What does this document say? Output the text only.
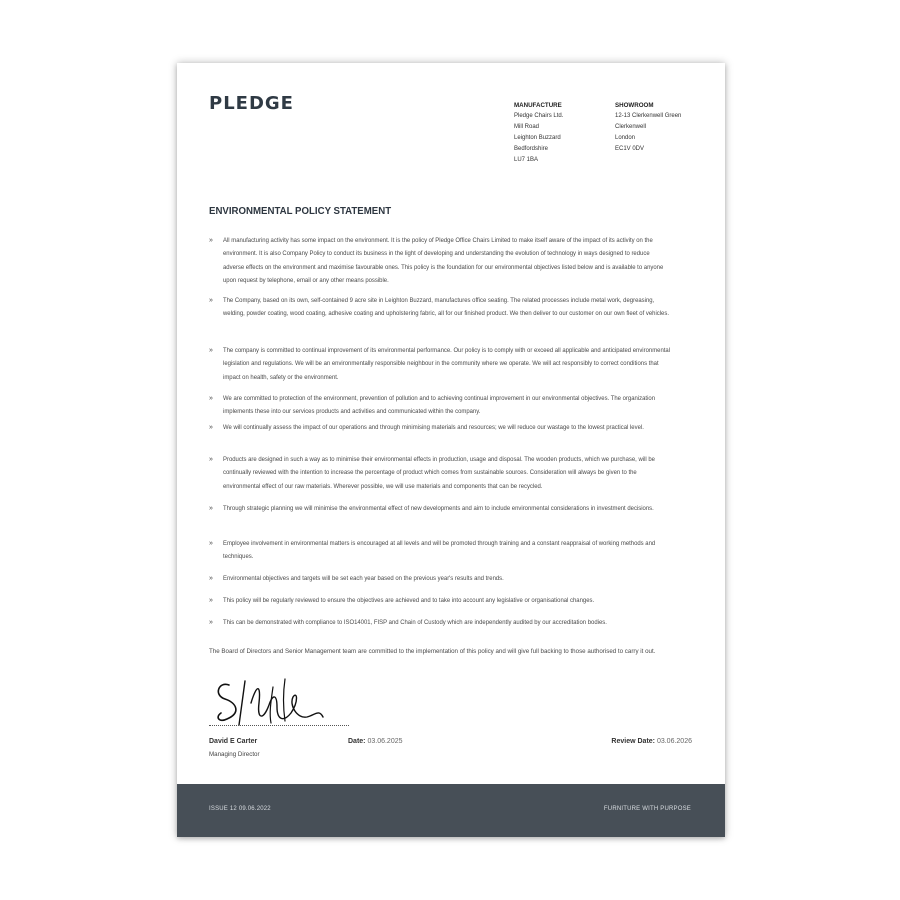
PLEDGE	MANUFACTURE
Pledge Chairs Ltd.
Mill Road
Leighton Buzzard
Bedfordshire
LU7 1BA
SHOWROOM
12-13 Clerkenwell Green
Clerkenwell
London
EC1V 0DV
ENVIRONMENTAL POLICY STATEMENT
» All manufacturing activity has some impact on the environment. It is the policy of Pledge Office Chairs Limited to make itself aware of the impact of its activity on the environment. It is also Company Policy to conduct its business in the light of developing and understanding the evolution of technology in ways designed to reduce adverse effects on the environment and maximise favourable ones. This policy is the foundation for our environmental objectives listed below and is available to anyone upon request by telephone, email or any other means possible.
» The Company, based on its own, self-contained 9 acre site in Leighton Buzzard, manufactures office seating. The related processes include metal work, degreasing, welding, powder coating, wood coating, adhesive coating and upholstering fabric, all for our finished product. We then deliver to our customer on our own fleet of vehicles.
» The company is committed to continual improvement of its environmental performance. Our policy is to comply with or exceed all applicable and anticipated environmental legislation and regulations. We will be an environmentally responsible neighbour in the community where we operate. We will act responsibly to correct conditions that impact on health, safety or the environment.
» We are committed to protection of the environment, prevention of pollution and to achieving continual improvement in our environmental objectives. The organization implements these into our services products and activities and communicated within the company.
» We will continually assess the impact of our operations and through minimising materials and resources; we will reduce our wastage to the lowest practical level.
» Products are designed in such a way as to minimise their environmental effects in production, usage and disposal. The wooden products, which we purchase, will be continually reviewed with the intention to increase the percentage of product which comes from sustainable sources. Consideration will always be given to the environmental effect of our raw materials. Wherever possible, we will use materials and components that can be recycled.
» Through strategic planning we will minimise the environmental effect of new developments and aim to include environmental considerations in investment decisions.
» Employee involvement in environmental matters is encouraged at all levels and will be promoted through training and a constant reappraisal of working methods and techniques.
» Environmental objectives and targets will be set each year based on the previous year's results and trends.
» This policy will be regularly reviewed to ensure the objectives are achieved and to take into account any legislative or organisational changes.
» This can be demonstrated with compliance to ISO14001, FISP and Chain of Custody which are independently audited by our accreditation bodies.
The Board of Directors and Senior Management team are committed to the implementation of this policy and will give full backing to those authorised to carry it out.
David E Carter
Managing Director
Date: 03.06.2025	Review Date: 03.06.2026
ISSUE 12 09.06.2022	FURNITURE WITH PURPOSE
